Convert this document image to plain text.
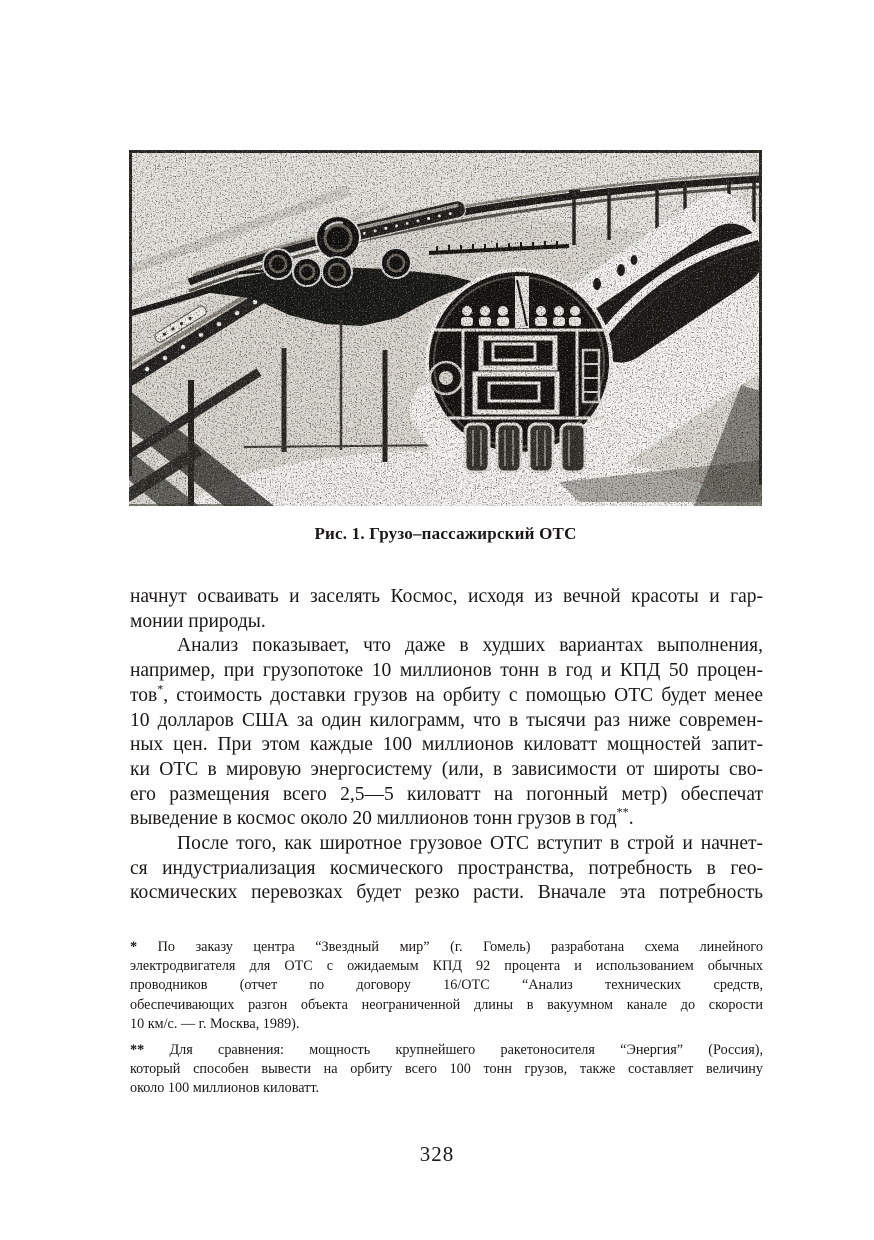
Рис. 1. Грузо–пассажирский ОТС
начнут осваивать и заселять Космос, исходя из вечной красоты и гар-
монии природы.
Анализ показывает, что даже в худших вариантах выполнения,
например, при грузопотоке 10 миллионов тонн в год и КПД 50 процен-
тов*, стоимость доставки грузов на орбиту с помощью ОТС будет менее
10 долларов США за один килограмм, что в тысячи раз ниже современ-
ных цен. При этом каждые 100 миллионов киловатт мощностей запит-
ки ОТС в мировую энергосистему (или, в зависимости от широты сво-
его размещения всего 2,5—5 киловатт на погонный метр) обеспечат
выведение в космос около 20 миллионов тонн грузов в год**.
После того, как широтное грузовое ОТС вступит в строй и начнет-
ся индустриализация космического пространства, потребность в гео-
космических перевозках будет резко расти. Вначале эта потребность
* По заказу центра “Звездный мир” (г. Гомель) разработана схема линейного
электродвигателя для ОТС с ожидаемым КПД 92 процента и использованием обычных
проводников (отчет по договору 16/ОТС “Анализ технических средств,
обеспечивающих разгон объекта неограниченной длины в вакуумном канале до скорости
10 км/с. — г. Москва, 1989).
** Для сравнения: мощность крупнейшего ракетоносителя “Энергия” (Россия),
который способен вывести на орбиту всего 100 тонн грузов, также составляет величину
около 100 миллионов киловатт.
328
